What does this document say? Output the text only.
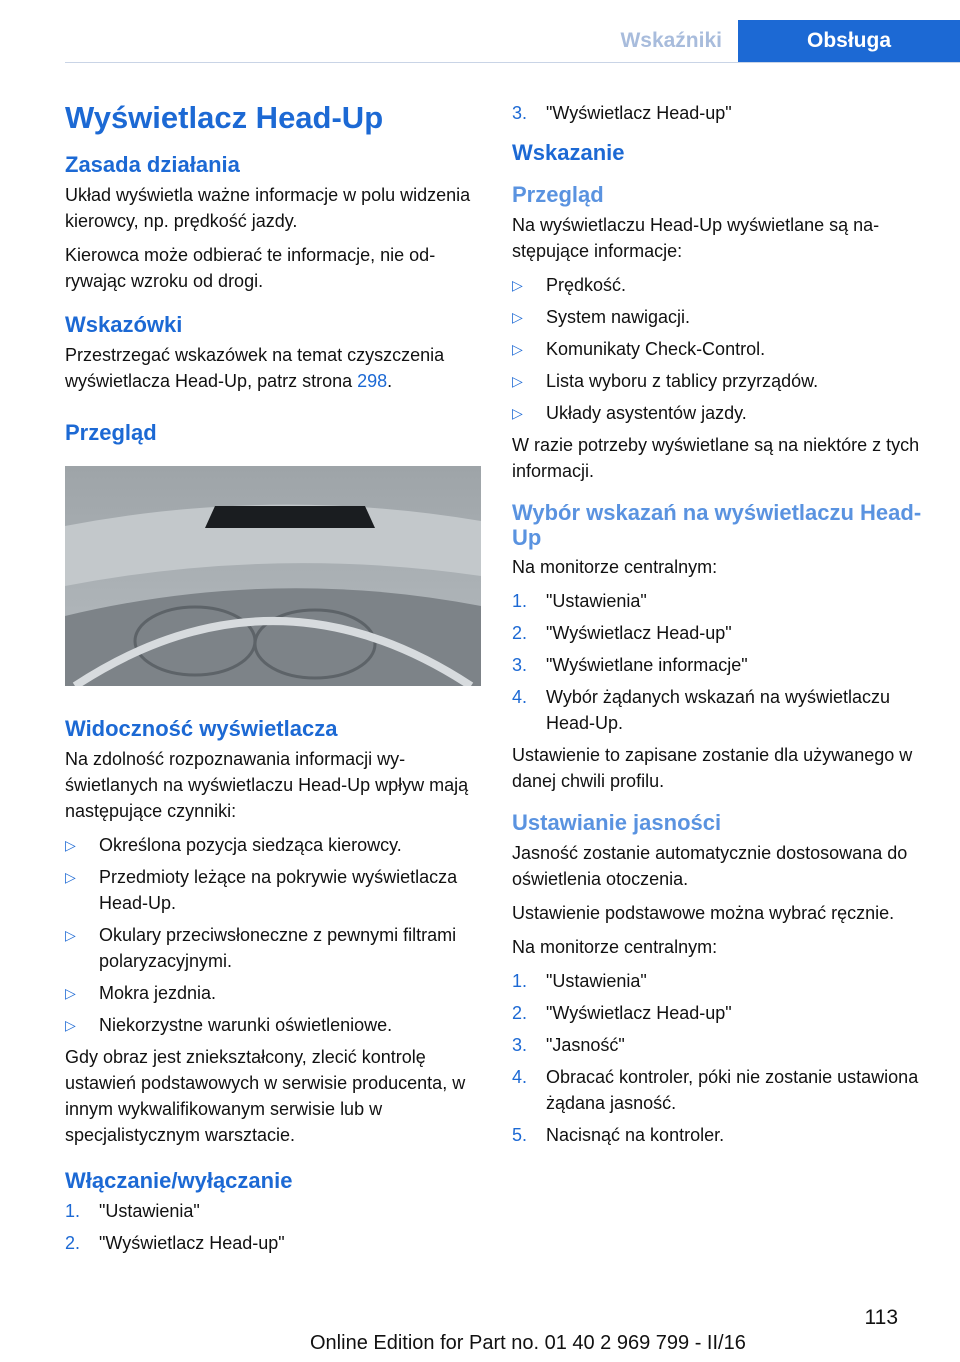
Wskaźniki	Obsługa
Wyświetlacz Head-Up
Zasada działania

Układ wyświetla ważne informacje w polu widzenia kierowcy, np. prędkość jazdy.

Kierowca może odbierać te informacje, nie odrywając wzroku od drogi.

Wskazówki

Przestrzegać wskazówek na temat czyszczenia wyświetlacza Head-Up, patrz strona 298.

Przegląd
Widoczność wyświetlacza

Na zdolność rozpoznawania informacji wyświetlanych na wyświetlaczu Head-Up wpływ mają następujące czynniki:

▷ Określona pozycja siedząca kierowcy.
▷ Przedmioty leżące na pokrywie wyświetlacza Head-Up.
▷ Okulary przeciwsłoneczne z pewnymi filtrami polaryzacyjnymi.
▷ Mokra jezdnia.
▷ Niekorzystne warunki oświetleniowe.

Gdy obraz jest zniekształcony, zlecić kontrolę ustawień podstawowych w serwisie producenta, w innym wykwalifikowanym serwisie lub w specjalistycznym warsztacie.

Włączanie/wyłączanie
1. "Ustawienia"
2. "Wyświetlacz Head-up"
3. "Wyświetlacz Head-up"
Wskazanie
Przegląd

Na wyświetlaczu Head-Up wyświetlane są następujące informacje:

▷ Prędkość.
▷ System nawigacji.
▷ Komunikaty Check-Control.
▷ Lista wyboru z tablicy przyrządów.
▷ Układy asystentów jazdy.

W razie potrzeby wyświetlane są na niektóre z tych informacji.

Wybór wskazań na wyświetlaczu Head-Up

Na monitorze centralnym:

1. "Ustawienia"
2. "Wyświetlacz Head-up"
3. "Wyświetlane informacje"
4. Wybór żądanych wskazań na wyświetlaczu Head-Up.

Ustawienie to zapisane zostanie dla używanego w danej chwili profilu.

Ustawianie jasności

Jasność zostanie automatycznie dostosowana do oświetlenia otoczenia.

Ustawienie podstawowe można wybrać ręcznie.

Na monitorze centralnym:

1. "Ustawienia"
2. "Wyświetlacz Head-up"
3. "Jasność"
4. Obracać kontroler, póki nie zostanie ustawiona żądana jasność.
5. Nacisnąć na kontroler.
113
Online Edition for Part no. 01 40 2 969 799 - II/16
